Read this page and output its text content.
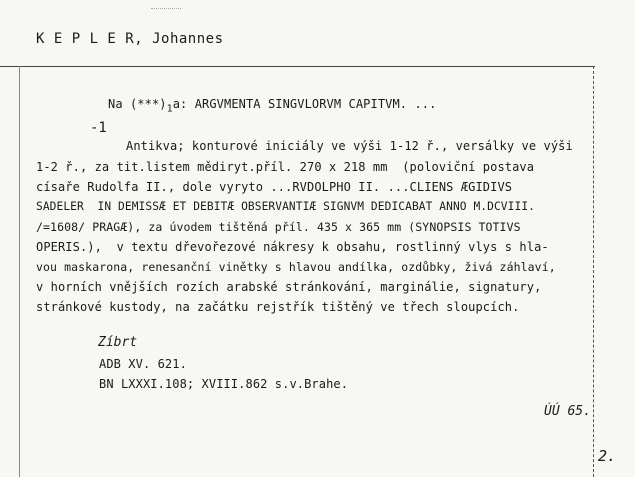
K E P L E R, Johannes
Na $(***)_1a$: ARGVMENTA SINGVLORVM CAPITVM. ...
-1
Antikva; konturové iniciály ve výši 1-12 ř., versálky ve výši
1-2 ř., za tit.listem mědiryt.příl. 270 x 218 mm  (poloviční postava
císaře Rudolfa II., dole vyryto ...RVDOLPHO II. ...CLIENS ÆGIDIVS
SADELER  IN DEMISSÆ ET DEBITÆ OBSERVANTIÆ SIGNVM DEDICABAT ANNO M.DCVIII.
/=1608/ PRAGÆ), za úvodem tištěná příl. 435 x 365 mm (SYNOPSIS TOTIVS
OPERIS.),  v textu dřevořezové nákresy k obsahu, rostlinný vlys s hla-
vou maskarona, renesanční vinětky s hlavou andílka, ozdůbky, živá záhlaví,
v horních vnějších rozích arabské stránkování, marginálie, signatury,
stránkové kustody, na začátku rejstřík tištěný ve třech sloupcích.
Zíbrt
ADB XV. 621.
BN LXXXI.108; XVIII.862 s.v.Brahe.
ÚÚ 65.
2.
